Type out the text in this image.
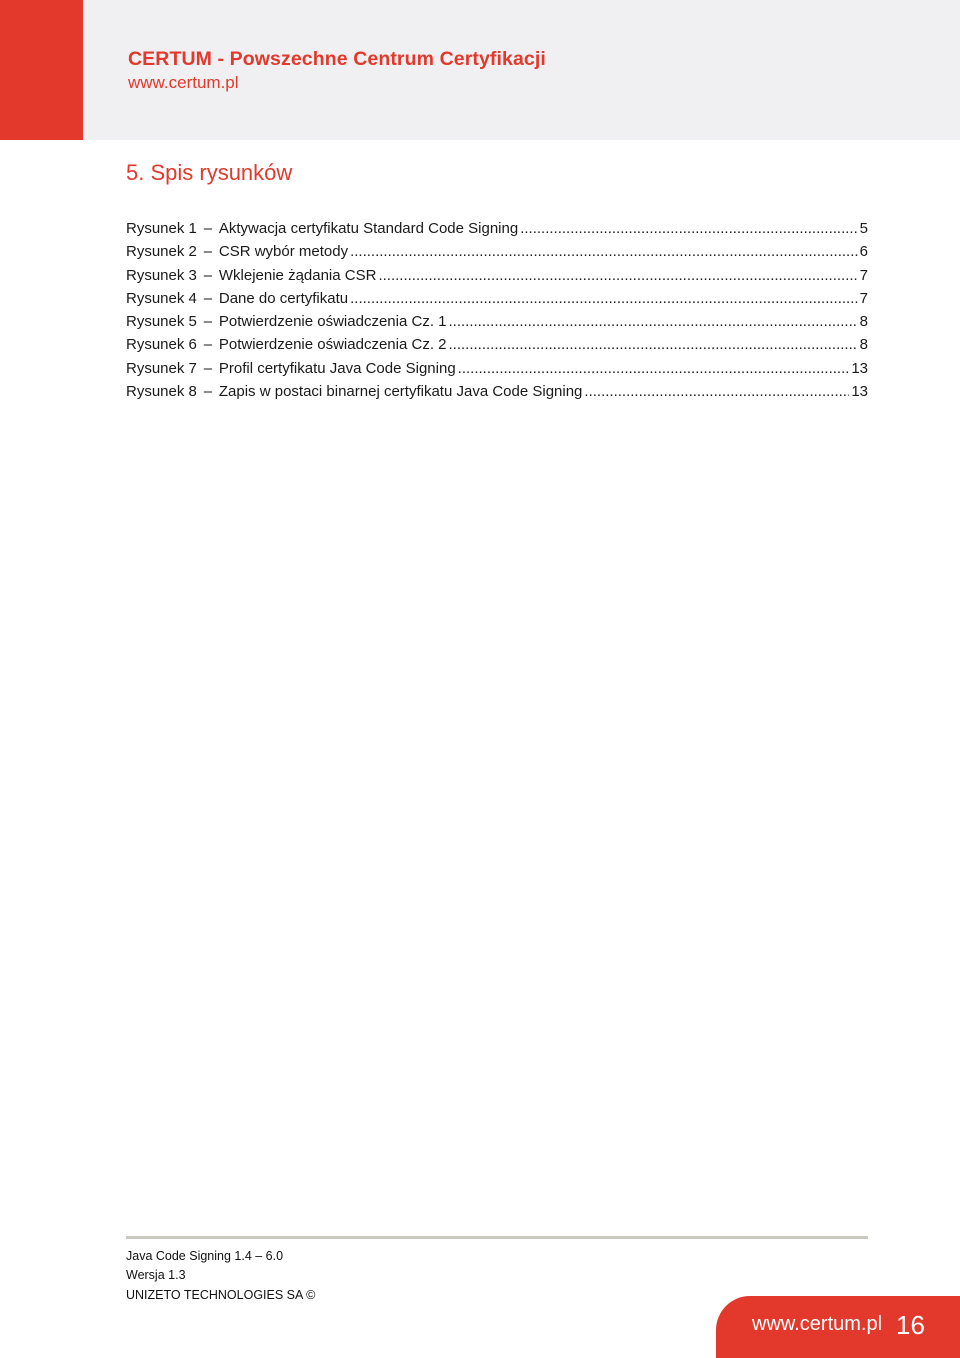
CERTUM - Powszechne Centrum Certyfikacji
www.certum.pl
5. Spis rysunków
Rysunek 1–Aktywacja certyfikatu Standard Code Signing .....	5
Rysunek 2–CSR wybór metody .....	6
Rysunek 3–Wklejenie żądania CSR .....	7
Rysunek 4–Dane do certyfikatu .....	7
Rysunek 5–Potwierdzenie oświadczenia Cz. 1 .....	8
Rysunek 6–Potwierdzenie oświadczenia Cz. 2 .....	8
Rysunek 7–Profil certyfikatu Java Code Signing .....	13
Rysunek 8–Zapis w postaci binarnej certyfikatu Java Code Signing .....	13
Java Code Signing 1.4 – 6.0
Wersja 1.3
UNIZETO TECHNOLOGIES SA ©
www.certum.pl 16
